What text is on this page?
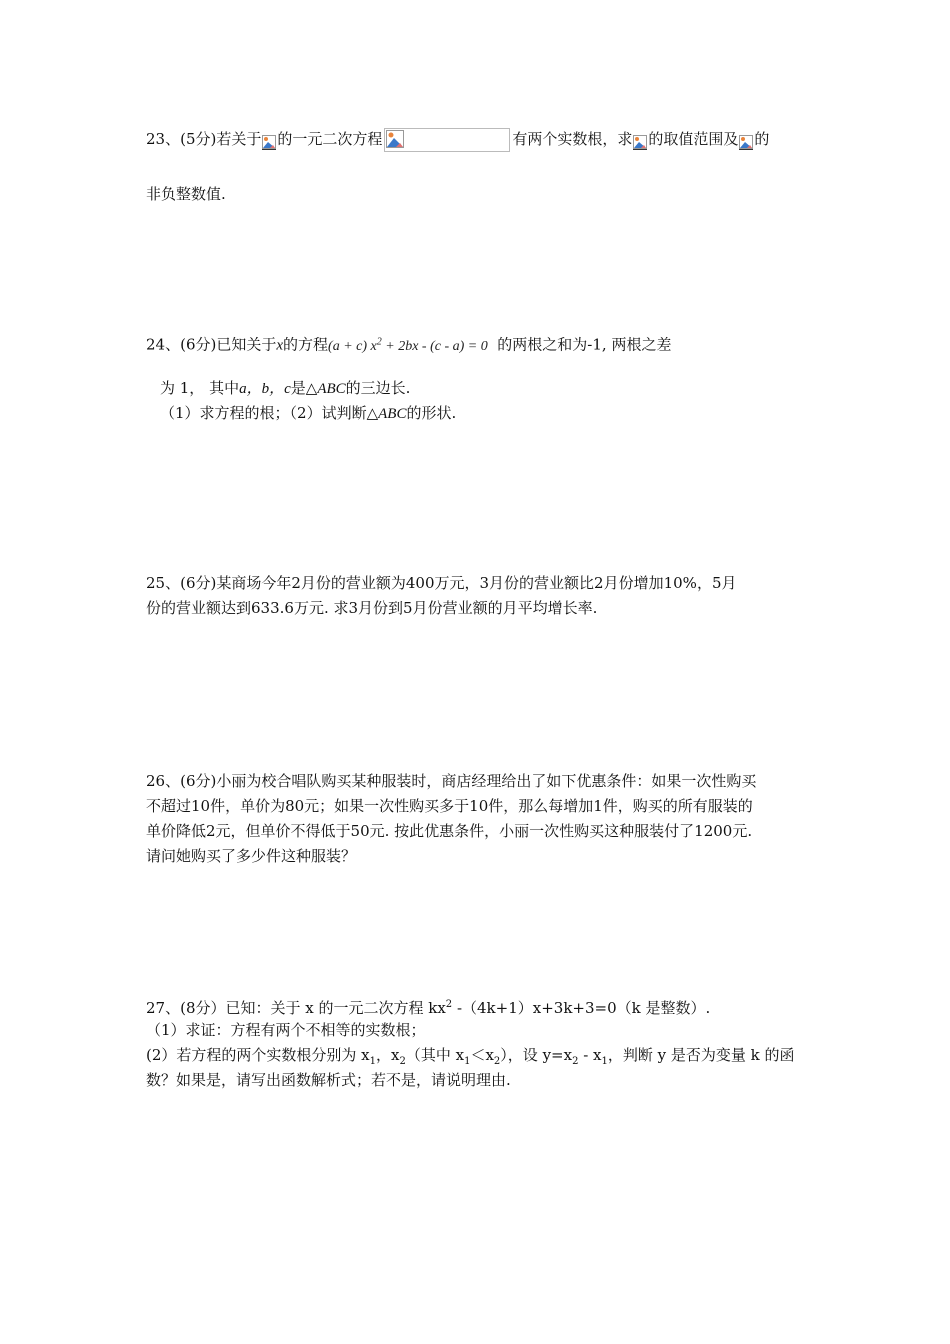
23、(5分)若关于 的一元二次方程	有两个实数根，求 的取值范围及 的
非负整数值.
24、(6分)已知关于x的方程(a + c) $x^2 + 2bx - (c - a) = 0$ 的两根之和为-1, 两根之差
为 1， 其中a，b，c是△ABC的三边长.
（1）求方程的根；（2）试判断△ABC的形状.
25、(6分)某商场今年2月份的营业额为400万元，3月份的营业额比2月份增加10%，5月
份的营业额达到633.6万元. 求3月份到5月份营业额的月平均增长率.
26、(6分)小丽为校合唱队购买某种服装时，商店经理给出了如下优惠条件：如果一次性购买
不超过10件，单价为80元；如果一次性购买多于10件，那么每增加1件，购买的所有服装的
单价降低2元，但单价不得低于50元. 按此优惠条件，小丽一次性购买这种服装付了1200元.
请问她购买了多少件这种服装？
27、(8分）已知：关于 x 的一元二次方程 $kx^2$ -（4k+1）x+3k+3=0（k 是整数）.
（1）求证：方程有两个不相等的实数根；
(2）若方程的两个实数根分别为 $x_1$，$x_2$（其中 $x_1<x_2$），设 $y=x_2 - x_1$，判断 y 是否为变量 k 的函
数？如果是，请写出函数解析式；若不是，请说明理由.
